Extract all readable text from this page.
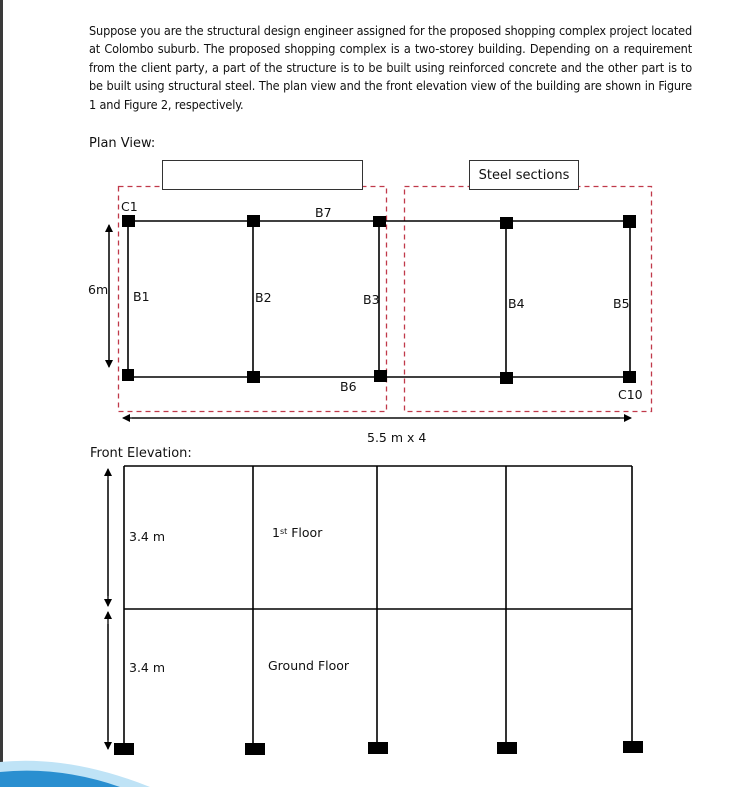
Suppose you are the structural design engineer assigned for the proposed shopping complex project located at Colombo suburb. The proposed shopping complex is a two-storey building. Depending on a requirement from the client party, a part of the structure is to be built using reinforced concrete and the other part is to be built using structural steel. The plan view and the front elevation view of the building are shown in Figure 1 and Figure 2, respectively.

Plan View:
Steel sections
C1
C10
B1	B2	B3	B4	B5
B6
B7
6m
5.5 m x 4
Front Elevation:
3.4 m	1st Floor
3.4 m	Ground Floor
